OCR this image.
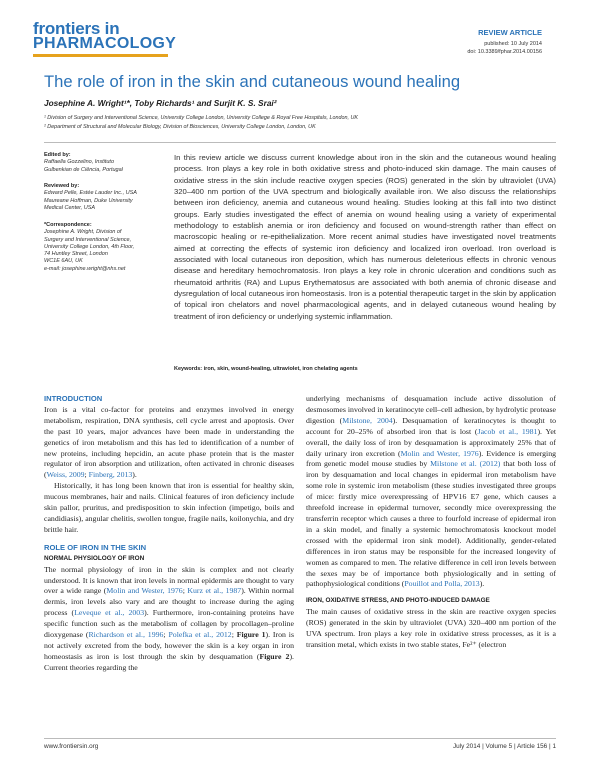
frontiers in
PHARMACOLOGY
REVIEW ARTICLE
published: 10 July 2014
doi: 10.3389/fphar.2014.00156
The role of iron in the skin and cutaneous wound healing
Josephine A. Wright¹*, Toby Richards¹ and Surjit K. S. Srai²
¹ Division of Surgery and Interventional Science, University College London, University College & Royal Free Hospitals, London, UK
² Department of Structural and Molecular Biology, Division of Biosciences, University College London, London, UK
Edited by:
Raffaella Gozzelino, Instituto
Gulbenkian de Ciência, Portugal
Reviewed by:
Edward Pelle, Estée Lauder Inc., USA
Maureane Hoffman, Duke University
Medical Center, USA
*Correspondence:
Josephine A. Wright, Division of
Surgery and Interventional Science,
University College London, 4th Floor,
74 Huntley Street, London
WC1E 6AU, UK
e-mail: josephine.wright@nhs.net
In this review article we discuss current knowledge about iron in the skin and the cutaneous wound healing process. Iron plays a key role in both oxidative stress and photo-induced skin damage. The main causes of oxidative stress in the skin include reactive oxygen species (ROS) generated in the skin by ultraviolet (UVA) 320–400 nm portion of the UVA spectrum and biologically available iron. We also discuss the relationships between iron deficiency, anemia and cutaneous wound healing. Studies looking at this fall into two distinct groups. Early studies investigated the effect of anemia on wound healing using a variety of experimental methodology to establish anemia or iron deficiency and focused on wound-strength rather than effect on macroscopic healing or re-epithelialization. More recent animal studies have investigated novel treatments aimed at correcting the effects of systemic iron deficiency and localized iron overload. Iron overload is associated with local cutaneous iron deposition, which has numerous deleterious effects in chronic venous disease and hereditary hemochromatosis. Iron plays a key role in chronic ulceration and conditions such as rheumatoid arthritis (RA) and Lupus Erythematosus are associated with both anemia of chronic disease and dysregulation of local cutaneous iron homeostasis. Iron is a potential therapeutic target in the skin by application of topical iron chelators and novel pharmacological agents, and in delayed cutaneous wound healing by treatment of iron deficiency or underlying systemic inflammation.
Keywords: iron, skin, wound-healing, ultraviolet, iron chelating agents

INTRODUCTION

Iron is a vital co-factor for proteins and enzymes involved in energy metabolism, respiration, DNA synthesis, cell cycle arrest and apoptosis. Over the past 10 years, major advances have been made in understanding the genetics of iron metabolism and this has led to identification of a number of new proteins, including hepcidin, an acute phase protein that is the master regulator of iron absorption and utilization, often activated in chronic diseases (Weiss, 2009; Finberg, 2013).

Historically, it has long been known that iron is essential for healthy skin, mucous membranes, hair and nails. Clinical features of iron deficiency include skin pallor, pruritus, and predisposition to skin infection (impetigo, boils and candidiasis), angular chelitis, swollen tongue, fragile nails, koilonychia, and dry brittle hair.

ROLE OF IRON IN THE SKIN

NORMAL PHYSIOLOGY OF IRON

The normal physiology of iron in the skin is complex and not clearly understood. It is known that iron levels in normal epidermis are thought to vary over a wide range (Molin and Wester, 1976; Kurz et al., 1987). Within normal dermis, iron levels also vary and are thought to increase during the aging process (Leveque et al., 2003). Furthermore, iron-containing proteins have specific function such as the metabolism of collagen by procollagen–proline dioxygenase (Richardson et al., 1996; Polefka et al., 2012; Figure 1). Iron is not actively excreted from the body, however the skin is a key organ in iron homeostasis as iron is lost through the skin by desquamation (Figure 2). Current theories regarding the

underlying mechanisms of desquamation include active dissolution of desmosomes involved in keratinocyte cell–cell adhesion, by hydrolytic protease digestion (Milstone, 2004). Desquamation of keratinocytes is thought to account for 20–25% of absorbed iron that is lost (Jacob et al., 1981). Yet overall, the daily loss of iron by desquamation is approximately 25% that of daily urinary iron excretion (Molin and Wester, 1976). Evidence is emerging from genetic model mouse studies by Milstone et al. (2012) that both loss of iron by desquamation and local changes in epidermal iron metabolism have some role in systemic iron metabolism (these studies investigated three groups of mice: firstly mice overexpressing of HPV16 E7 gene, which causes a threefold increase in epidermal turnover, secondly mice overexpressing the transferrin receptor which causes a three to fourfold increase of epidermal iron in a skin model, and finally a systemic hemochromatosis knockout model crossed with the epidermal iron sink model). Additionally, gender-related differences in iron status may be responsible for the increased longevity of women as compared to men. The relative difference in cell iron levels between the sexes may be of importance both physiologically and in setting of pathophysiological conditions (Pouillot and Polla, 2013).

IRON, OXIDATIVE STRESS, AND PHOTO-INDUCED DAMAGE

The main causes of oxidative stress in the skin are reactive oxygen species (ROS) generated in the skin by ultraviolet (UVA) 320–400 nm portion of the UVA spectrum. Iron plays a key role in oxidative stress processes, as it is a transition metal, which exists in two stable states, Fe²⁺ (electron

www.frontiersin.org	July 2014 | Volume 5 | Article 156 | 1
